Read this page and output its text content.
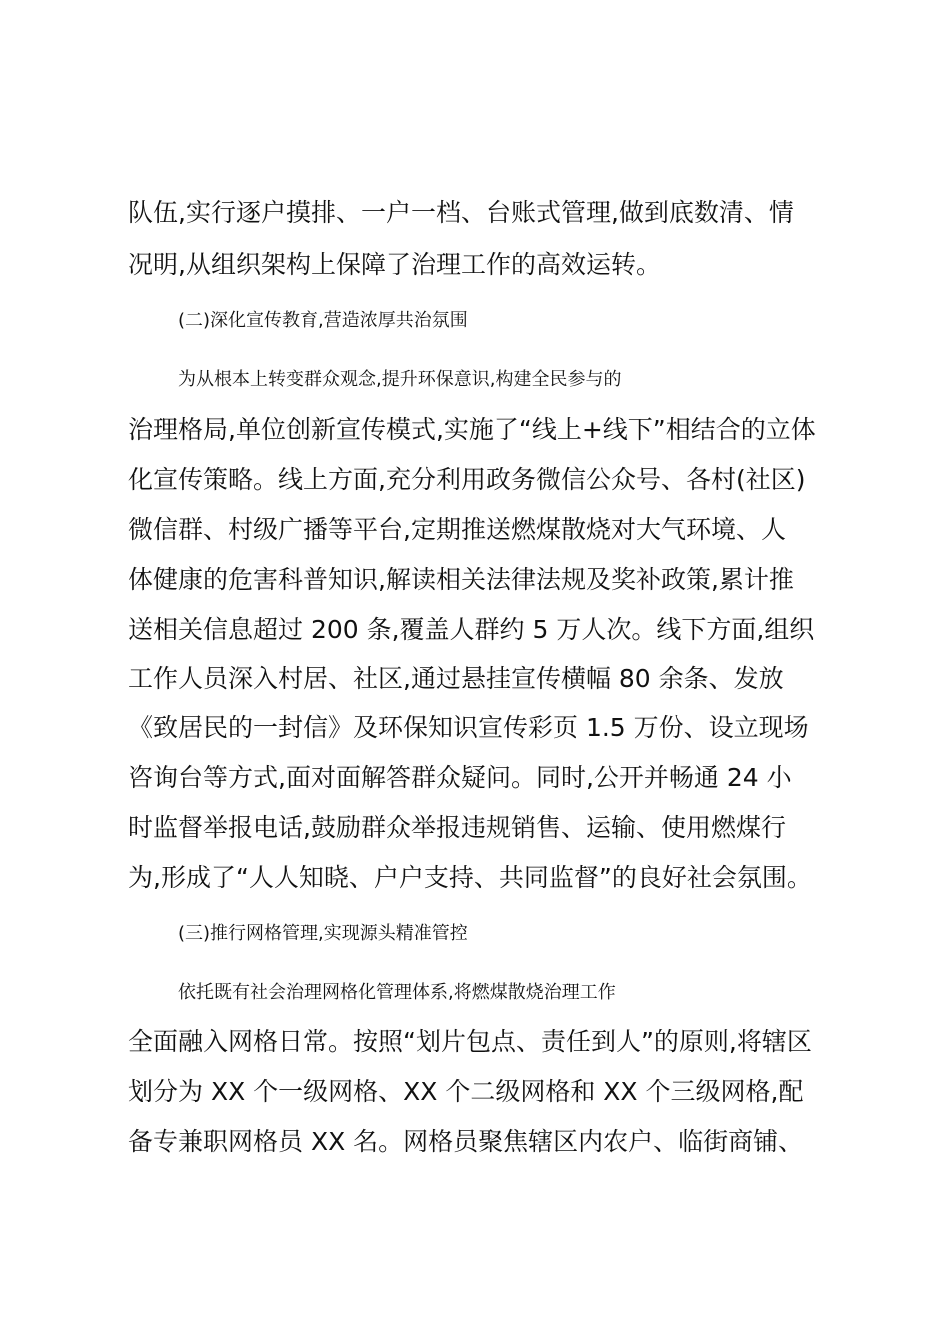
队伍,实行逐户摸排、一户一档、台账式管理,做到底数清、情
况明,从组织架构上保障了治理工作的高效运转。
(二)深化宣传教育,营造浓厚共治氛围
为从根本上转变群众观念,提升环保意识,构建全民参与的
治理格局,单位创新宣传模式,实施了“线上+线下”相结合的立体
化宣传策略。线上方面,充分利用政务微信公众号、各村(社区)
微信群、村级广播等平台,定期推送燃煤散烧对大气环境、人
体健康的危害科普知识,解读相关法律法规及奖补政策,累计推
送相关信息超过 200 条,覆盖人群约 5 万人次。线下方面,组织
工作人员深入村居、社区,通过悬挂宣传横幅 80 余条、发放
《致居民的一封信》及环保知识宣传彩页 1.5 万份、设立现场
咨询台等方式,面对面解答群众疑问。同时,公开并畅通 24 小
时监督举报电话,鼓励群众举报违规销售、运输、使用燃煤行
为,形成了“人人知晓、户户支持、共同监督”的良好社会氛围。
(三)推行网格管理,实现源头精准管控
依托既有社会治理网格化管理体系,将燃煤散烧治理工作
全面融入网格日常。按照“划片包点、责任到人”的原则,将辖区
划分为 XX 个一级网格、XX 个二级网格和 XX 个三级网格,配
备专兼职网格员 XX 名。网格员聚焦辖区内农户、临街商铺、
